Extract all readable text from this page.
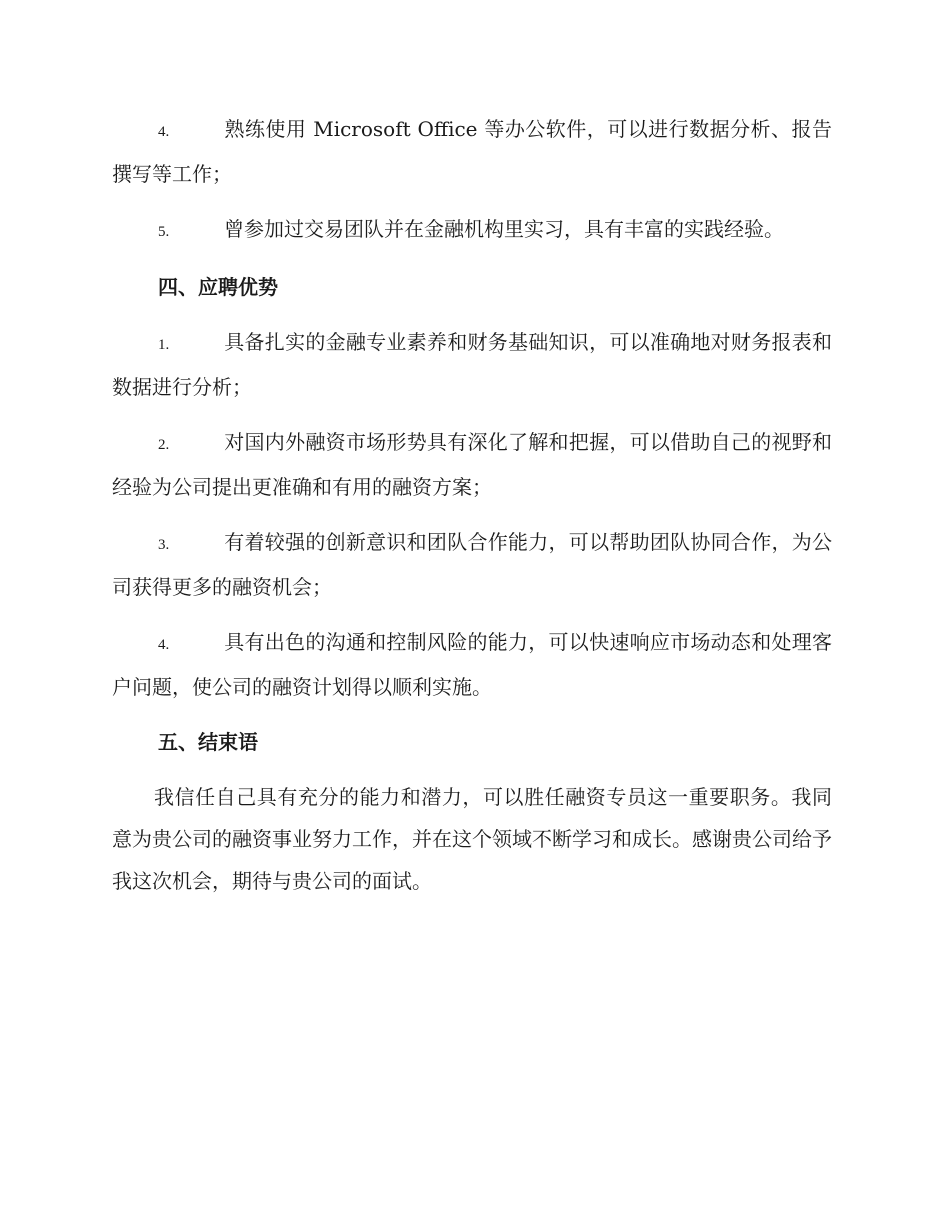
4.	熟练使用 Microsoft Office 等办公软件，可以进行数据分析、报告撰写等工作；

5.	曾参加过交易团队并在金融机构里实习，具有丰富的实践经验。

四、应聘优势

1.	具备扎实的金融专业素养和财务基础知识，可以准确地对财务报表和数据进行分析；

2.	对国内外融资市场形势具有深化了解和把握，可以借助自己的视野和经验为公司提出更准确和有用的融资方案；

3.	有着较强的创新意识和团队合作能力，可以帮助团队协同合作，为公司获得更多的融资机会；

4.	具有出色的沟通和控制风险的能力，可以快速响应市场动态和处理客户问题，使公司的融资计划得以顺利实施。

五、结束语

我信任自己具有充分的能力和潜力，可以胜任融资专员这一重要职务。我同意为贵公司的融资事业努力工作，并在这个领域不断学习和成长。感谢贵公司给予我这次机会，期待与贵公司的面试。
